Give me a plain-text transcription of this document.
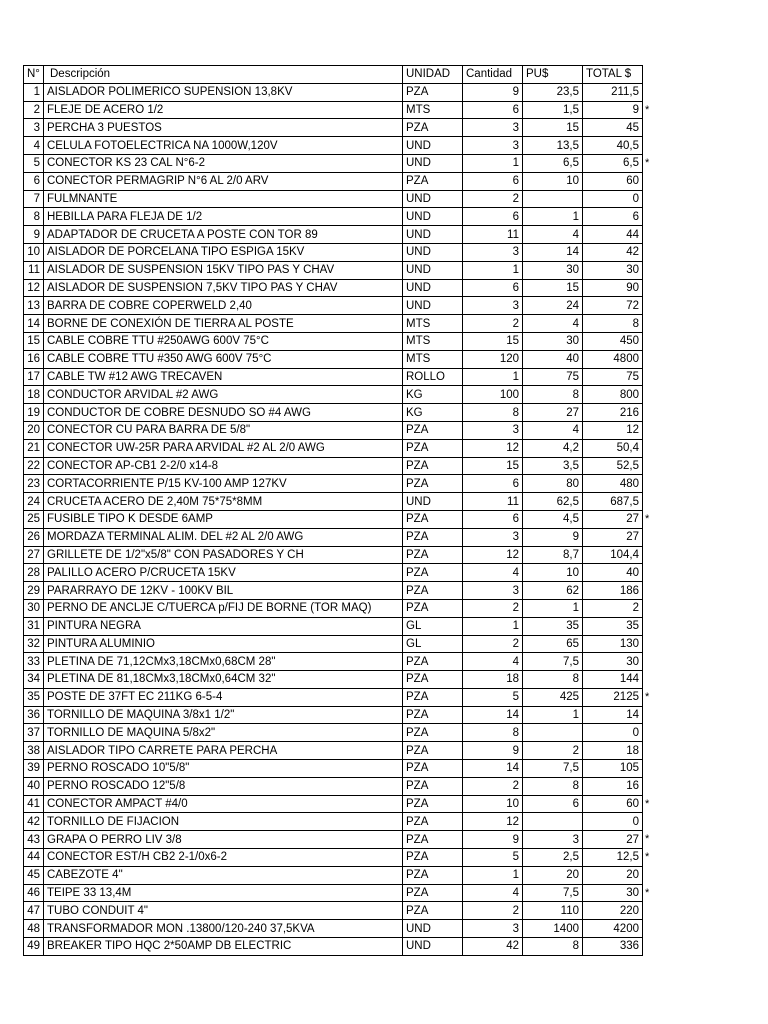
N°	Descripción	UNIDAD	Cantidad	PU$	TOTAL $
1	AISLADOR POLIMERICO SUPENSION 13,8KV	PZA	9	23,5	211,5
2	FLEJE DE ACERO 1/2	MTS	6	1,5	9
3	PERCHA 3 PUESTOS	PZA	3	15	45
4	CELULA FOTOELECTRICA NA 1000W,120V	UND	3	13,5	40,5
5	CONECTOR KS 23 CAL N°6-2	UND	1	6,5	6,5
6	CONECTOR PERMAGRIP N°6 AL 2/0 ARV	PZA	6	10	60
7	FULMNANTE	UND	2		0
8	HEBILLA PARA FLEJA DE 1/2	UND	6	1	6
9	ADAPTADOR DE CRUCETA A POSTE CON TOR 89	UND	11	4	44
10	AISLADOR DE PORCELANA TIPO ESPIGA 15KV	UND	3	14	42
11	AISLADOR DE SUSPENSION 15KV TIPO PAS Y CHAV	UND	1	30	30
12	AISLADOR DE SUSPENSION 7,5KV TIPO PAS Y CHAV	UND	6	15	90
13	BARRA DE COBRE COPERWELD 2,40	UND	3	24	72
14	BORNE DE CONEXIÓN DE TIERRA AL POSTE	MTS	2	4	8
15	CABLE COBRE TTU #250AWG 600V 75°C	MTS	15	30	450
16	CABLE COBRE TTU #350 AWG 600V 75°C	MTS	120	40	4800
17	CABLE TW #12 AWG TRECAVEN	ROLLO	1	75	75
18	CONDUCTOR ARVIDAL #2 AWG	KG	100	8	800
19	CONDUCTOR DE COBRE DESNUDO SO #4 AWG	KG	8	27	216
20	CONECTOR CU PARA BARRA DE 5/8"	PZA	3	4	12
21	CONECTOR UW-25R PARA ARVIDAL #2 AL 2/0 AWG	PZA	12	4,2	50,4
22	CONECTOR AP-CB1 2-2/0 x14-8	PZA	15	3,5	52,5
23	CORTACORRIENTE P/15 KV-100 AMP 127KV	PZA	6	80	480
24	CRUCETA ACERO DE 2,40M 75*75*8MM	UND	11	62,5	687,5
25	FUSIBLE TIPO K DESDE 6AMP	PZA	6	4,5	27
26	MORDAZA TERMINAL ALIM. DEL #2 AL 2/0 AWG	PZA	3	9	27
27	GRILLETE DE 1/2"x5/8" CON PASADORES Y CH	PZA	12	8,7	104,4
28	PALILLO ACERO P/CRUCETA 15KV	PZA	4	10	40
29	PARARRAYO DE 12KV - 100KV BIL	PZA	3	62	186
30	PERNO DE ANCLJE C/TUERCA p/FIJ DE BORNE (TOR MAQ)	PZA	2	1	2
31	PINTURA NEGRA	GL	1	35	35
32	PINTURA ALUMINIO	GL	2	65	130
33	PLETINA DE 71,12CMx3,18CMx0,68CM 28"	PZA	4	7,5	30
34	PLETINA DE 81,18CMx3,18CMx0,64CM 32"	PZA	18	8	144
35	POSTE DE 37FT EC 211KG 6-5-4	PZA	5	425	2125
36	TORNILLO DE MAQUINA 3/8x1 1/2"	PZA	14	1	14
37	TORNILLO DE MAQUINA 5/8x2"	PZA	8		0
38	AISLADOR TIPO CARRETE PARA PERCHA	PZA	9	2	18
39	PERNO ROSCADO 10"5/8"	PZA	14	7,5	105
40	PERNO ROSCADO 12"5/8	PZA	2	8	16
41	CONECTOR AMPACT #4/0	PZA	10	6	60
42	TORNILLO DE FIJACION	PZA	12		0
43	GRAPA O PERRO LIV 3/8	PZA	9	3	27
44	CONECTOR EST/H CB2 2-1/0x6-2	PZA	5	2,5	12,5
45	CABEZOTE 4"	PZA	1	20	20
46	TEIPE 33 13,4M	PZA	4	7,5	30
47	TUBO CONDUIT 4"	PZA	2	110	220
48	TRANSFORMADOR MON .13800/120-240 37,5KVA	UND	3	1400	4200
49	BREAKER TIPO HQC 2*50AMP DB ELECTRIC	UND	42	8	336
*
*
*
*
*
*
*
*
